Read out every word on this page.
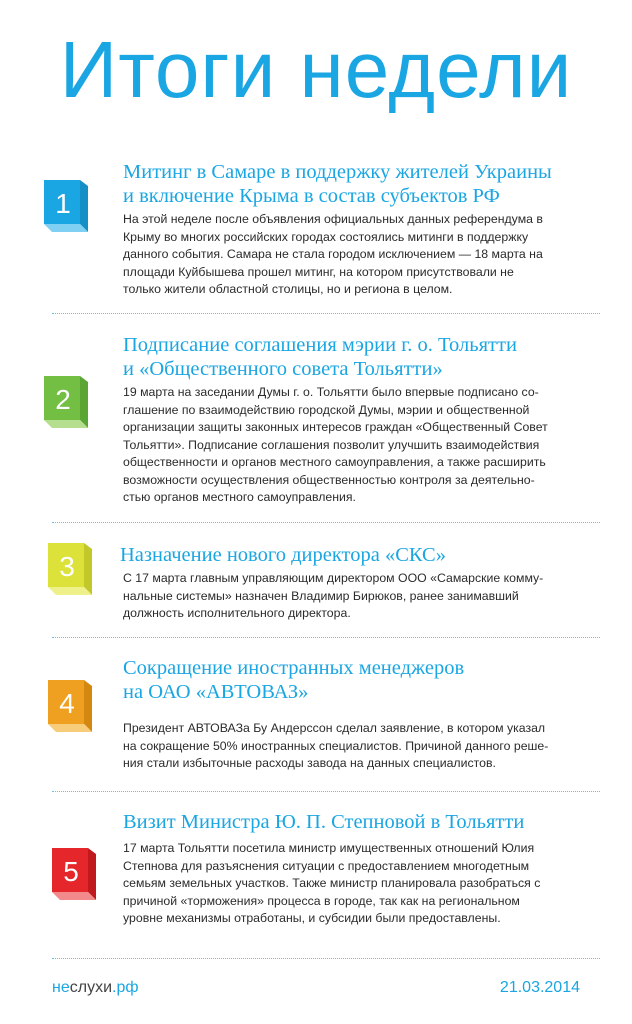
Итоги недели
1
Митинг в Самаре в поддержку жителей Украины
и включение Крыма в состав субъектов РФ
На этой неделе после объявления официальных данных референдума в
Крыму во многих российских городах состоялись митинги в поддержку
данного события. Самара не стала городом исключением — 18 марта на
площади Куйбышева прошел митинг, на котором присутствовали не
только жители областной столицы, но и региона в целом.
2
Подписание соглашения мэрии г. о. Тольятти
и «Общественного совета Тольятти»
19 марта на заседании Думы г. о. Тольятти было впервые подписано со-
глашение по взаимодействию городской Думы, мэрии и общественной
организации защиты законных интересов граждан «Общественный Совет
Тольятти». Подписание соглашения позволит улучшить взаимодействия
общественности и органов местного самоуправления, а также расширить
возможности осуществления общественностью контроля за деятельно-
стью органов местного самоуправления.
3	Назначение нового директора «СКС»
С 17 марта главным управляющим директором ООО «Самарские комму-
нальные системы» назначен Владимир Бирюков, ранее занимавший
должность исполнительного директора.
4
Сокращение иностранных менеджеров
на ОАО «АВТОВАЗ»
Президент АВТОВАЗа Бу Андерссон сделал заявление, в котором указал
на сокращение 50% иностранных специалистов. Причиной данного реше-
ния стали избыточные расходы завода на данных специалистов.
5
Визит Министра Ю. П. Степновой в Тольятти
17 марта Тольятти посетила министр имущественных отношений Юлия
Степнова для разъяснения ситуации с предоставлением многодетным
семьям земельных участков. Также министр планировала разобраться с
причиной «торможения» процесса в городе, так как на региональном
уровне механизмы отработаны, и субсидии были предоставлены.
неслухи.рф	21.03.2014
